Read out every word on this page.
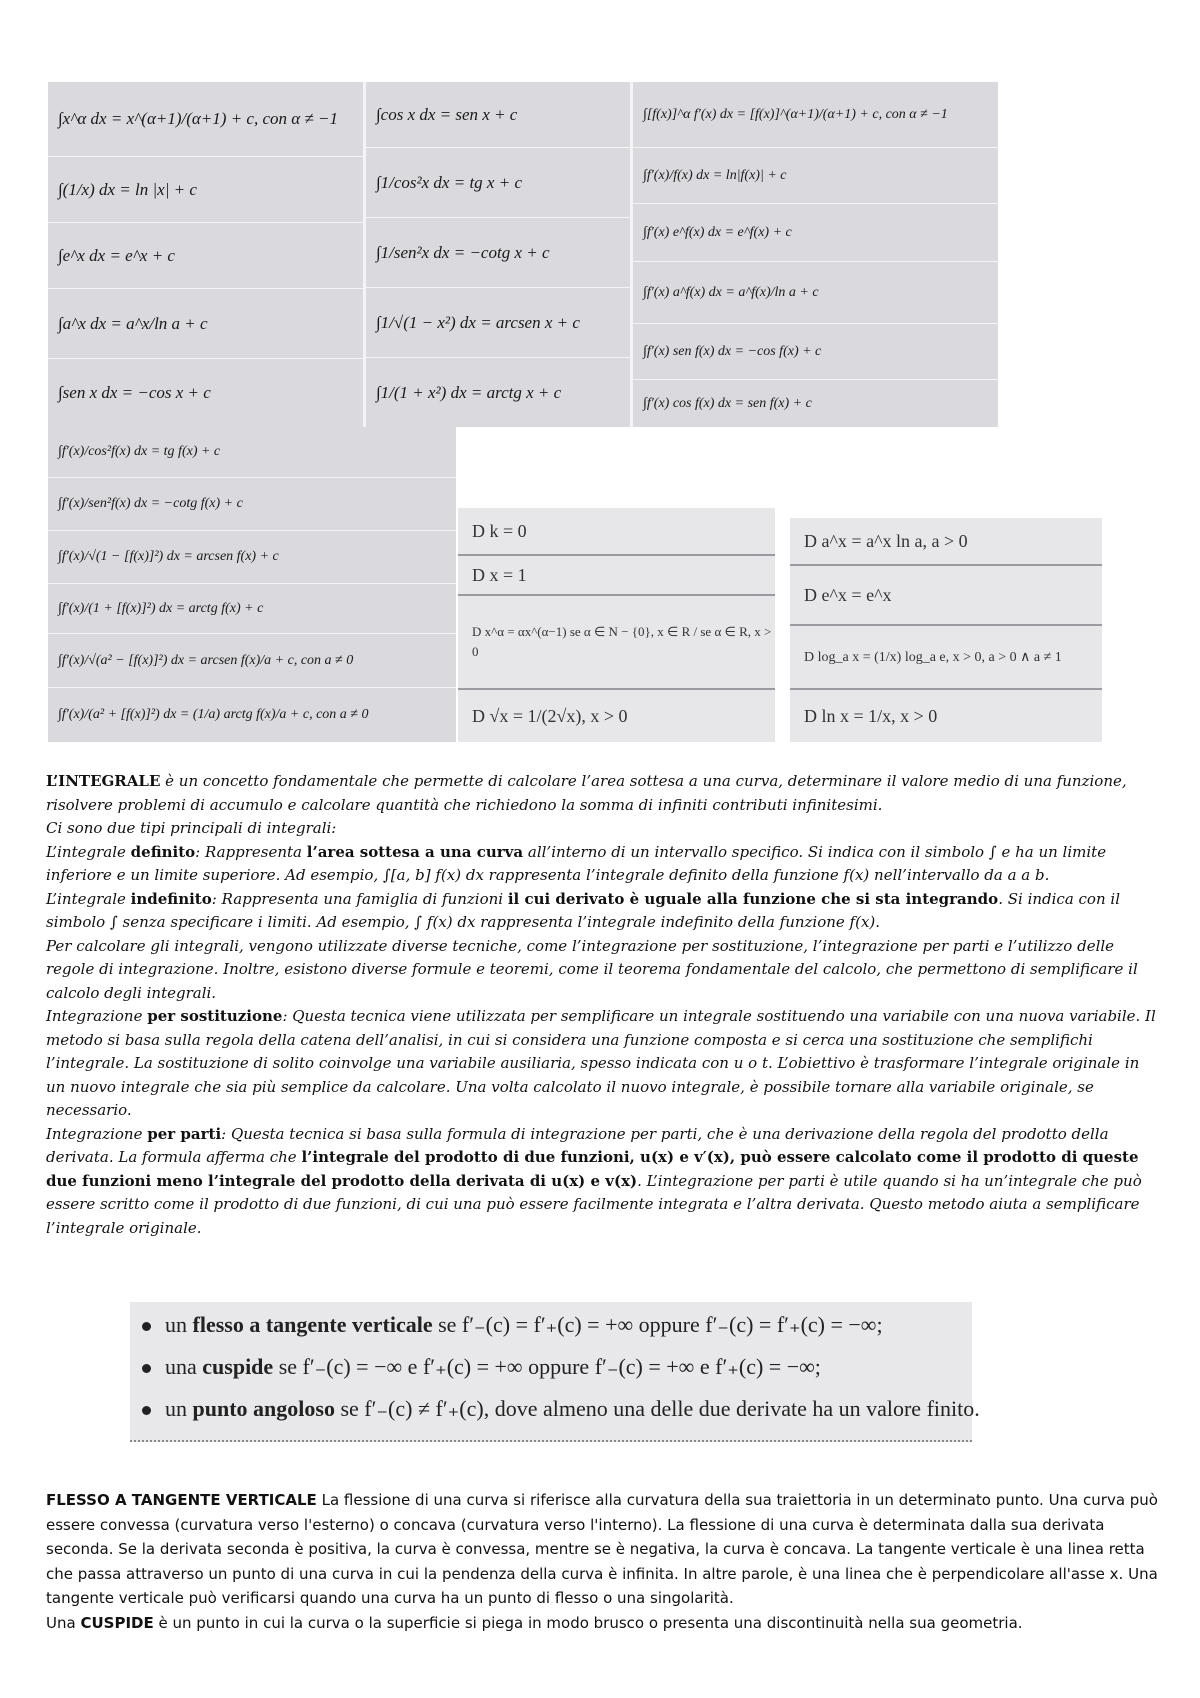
∫x^α dx = x^(α+1)/(α+1) + c, con α ≠ −1
∫(1/x) dx = ln |x| + c
∫e^x dx = e^x + c
∫a^x dx = a^x/ln a + c
∫sen x dx = −cos x + c
∫cos x dx = sen x + c
∫1/cos²x dx = tg x + c
∫1/sen²x dx = −cotg x + c
∫1/√(1 − x²) dx = arcsen x + c
∫1/(1 + x²) dx = arctg x + c
∫[f(x)]^α f′(x) dx = [f(x)]^(α+1)/(α+1) + c, con α ≠ −1
∫f′(x)/f(x) dx = ln|f(x)| + c
∫f′(x) e^f(x) dx = e^f(x) + c
∫f′(x) a^f(x) dx = a^f(x)/ln a + c
∫f′(x) sen f(x) dx = −cos f(x) + c
∫f′(x) cos f(x) dx = sen f(x) + c
∫f′(x)/cos²f(x) dx = tg f(x) + c
∫f′(x)/sen²f(x) dx = −cotg f(x) + c
∫f′(x)/√(1 − [f(x)]²) dx = arcsen f(x) + c
∫f′(x)/(1 + [f(x)]²) dx = arctg f(x) + c
∫f′(x)/√(a² − [f(x)]²) dx = arcsen f(x)/a + c, con a ≠ 0
∫f′(x)/(a² + [f(x)]²) dx = (1/a) arctg f(x)/a + c, con a ≠ 0
D k = 0
D x = 1
D x^α = αx^(α−1) se α ∈ N − {0}, x ∈ R / se α ∈ R, x > 0
D √x = 1/(2√x), x > 0
D a^x = a^x ln a, a > 0
D e^x = e^x
D log_a x = (1/x) log_a e, x > 0, a > 0 ∧ a ≠ 1
D ln x = 1/x, x > 0

L’INTEGRALE è un concetto fondamentale che permette di calcolare l’area sottesa a una curva, determinare il valore medio di una funzione, risolvere problemi di accumulo e calcolare quantità che richiedono la somma di infiniti contributi infinitesimi.

Ci sono due tipi principali di integrali:

L’integrale definito: Rappresenta l’area sottesa a una curva all’interno di un intervallo specifico. Si indica con il simbolo ∫ e ha un limite inferiore e un limite superiore. Ad esempio, ∫[a, b] f(x) dx rappresenta l’integrale definito della funzione f(x) nell’intervallo da a a b.

L’integrale indefinito: Rappresenta una famiglia di funzioni il cui derivato è uguale alla funzione che si sta integrando. Si indica con il simbolo ∫ senza specificare i limiti. Ad esempio, ∫ f(x) dx rappresenta l’integrale indefinito della funzione f(x).

Per calcolare gli integrali, vengono utilizzate diverse tecniche, come l’integrazione per sostituzione, l’integrazione per parti e l’utilizzo delle regole di integrazione. Inoltre, esistono diverse formule e teoremi, come il teorema fondamentale del calcolo, che permettono di semplificare il calcolo degli integrali.

Integrazione per sostituzione: Questa tecnica viene utilizzata per semplificare un integrale sostituendo una variabile con una nuova variabile. Il metodo si basa sulla regola della catena dell’analisi, in cui si considera una funzione composta e si cerca una sostituzione che semplifichi l’integrale. La sostituzione di solito coinvolge una variabile ausiliaria, spesso indicata con u o t. L’obiettivo è trasformare l’integrale originale in un nuovo integrale che sia più semplice da calcolare. Una volta calcolato il nuovo integrale, è possibile tornare alla variabile originale, se necessario.

Integrazione per parti: Questa tecnica si basa sulla formula di integrazione per parti, che è una derivazione della regola del prodotto della derivata. La formula afferma che l’integrale del prodotto di due funzioni, u(x) e v′(x), può essere calcolato come il prodotto di queste due funzioni meno l’integrale del prodotto della derivata di u(x) e v(x). L’integrazione per parti è utile quando si ha un’integrale che può essere scritto come il prodotto di due funzioni, di cui una può essere facilmente integrata e l’altra derivata. Questo metodo aiuta a semplificare l’integrale originale.

un flesso a tangente verticale se f′₋(c) = f′₊(c) = +∞ oppure f′₋(c) = f′₊(c) = −∞;
una cuspide se f′₋(c) = −∞ e f′₊(c) = +∞ oppure f′₋(c) = +∞ e f′₊(c) = −∞;
un punto angoloso se f′₋(c) ≠ f′₊(c), dove almeno una delle due derivate ha un valore finito.

FLESSO A TANGENTE VERTICALE La flessione di una curva si riferisce alla curvatura della sua traiettoria in un determinato punto. Una curva può essere convessa (curvatura verso l'esterno) o concava (curvatura verso l'interno). La flessione di una curva è determinata dalla sua derivata seconda. Se la derivata seconda è positiva, la curva è convessa, mentre se è negativa, la curva è concava. La tangente verticale è una linea retta che passa attraverso un punto di una curva in cui la pendenza della curva è infinita. In altre parole, è una linea che è perpendicolare all'asse x. Una tangente verticale può verificarsi quando una curva ha un punto di flesso o una singolarità.

Una CUSPIDE è un punto in cui la curva o la superficie si piega in modo brusco o presenta una discontinuità nella sua geometria.
